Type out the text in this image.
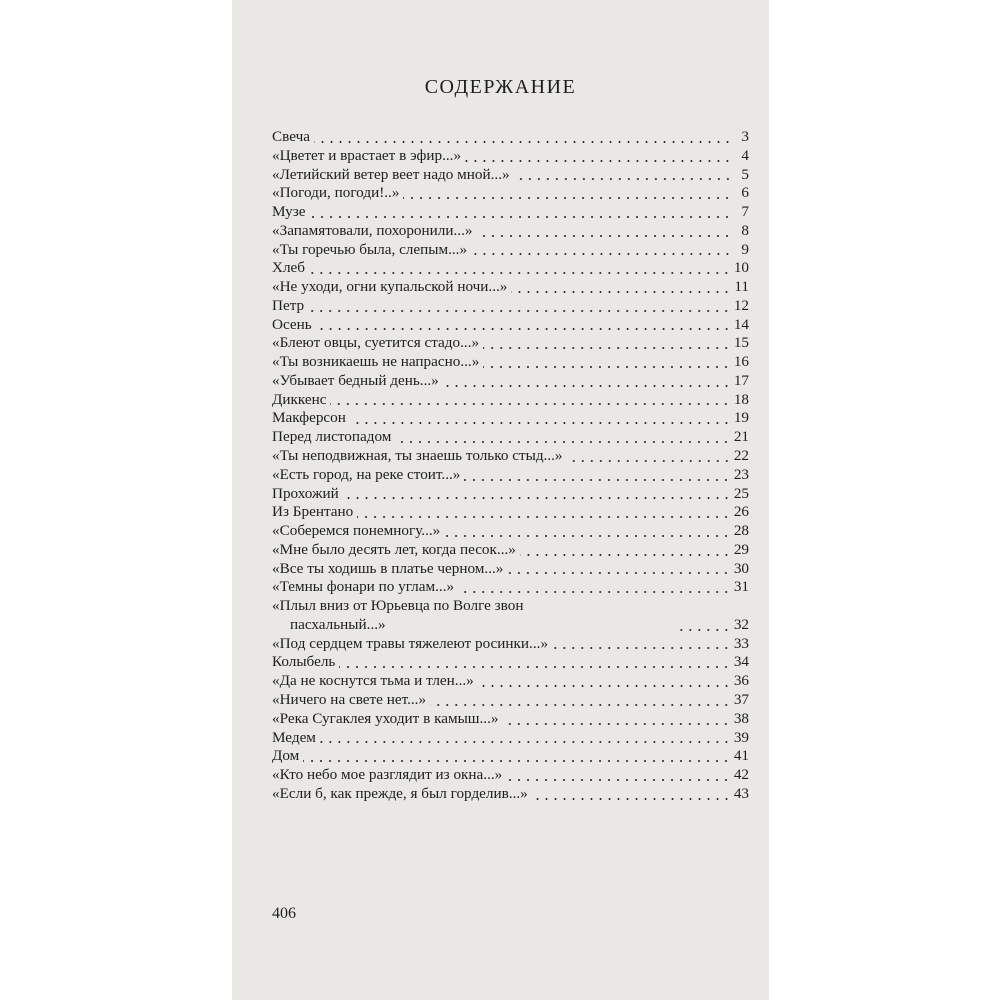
СОДЕРЖАНИЕ
Свеча	3
«Цветет и врастает в эфир...»	4
«Летийский ветер веет надо мной...»	5
«Погоди, погоди!..»	6
Музе	7
«Запамятовали, похоронили...»	8
«Ты горечью была, слепым...»	9
Хлеб	10
«Не уходи, огни купальской ночи...»	11
Петр	12
Осень	14
«Блеют овцы, суетится стадо...»	15
«Ты возникаешь не напрасно...»	16
«Убывает бедный день...»	17
Диккенс	18
Макферсон	19
Перед листопадом	21
«Ты неподвижная, ты знаешь только стыд...»	22
«Есть город, на реке стоит...»	23
Прохожий	25
Из Брентано	26
«Соберемся понемногу...»	28
«Мне было десять лет, когда песок...»	29
«Все ты ходишь в платье черном...»	30
«Темны фонари по углам...»	31
«Плыл вниз от Юрьевца по Волге звон
пасхальный...»	32
«Под сердцем травы тяжелеют росинки...»	33
Колыбель	34
«Да не коснутся тьма и тлен...»	36
«Ничего на свете нет...»	37
«Река Сугаклея уходит в камыш...»	38
Медем	39
Дом	41
«Кто небо мое разглядит из окна...»	42
«Если б, как прежде, я был горделив...»	43
406
